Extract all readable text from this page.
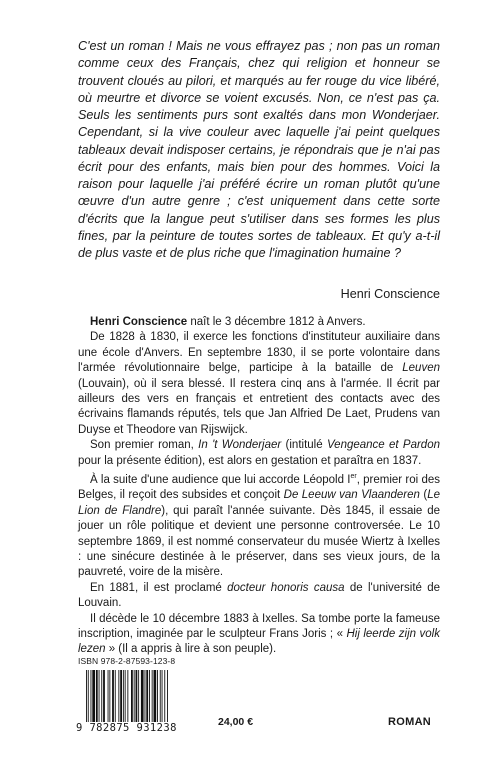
C'est un roman ! Mais ne vous effrayez pas ; non pas un roman comme ceux des Français, chez qui religion et honneur se trouvent cloués au pilori, et marqués au fer rouge du vice libéré, où meurtre et divorce se voient excusés. Non, ce n'est pas ça. Seuls les sentiments purs sont exaltés dans mon Wonderjaer. Cependant, si la vive couleur avec laquelle j'ai peint quelques tableaux devait indisposer certains, je répondrais que je n'ai pas écrit pour des enfants, mais bien pour des hommes. Voici la raison pour laquelle j'ai préféré écrire un roman plutôt qu'une œuvre d'un autre genre ; c'est uniquement dans cette sorte d'écrits que la langue peut s'utiliser dans ses formes les plus fines, par la peinture de toutes sortes de tableaux. Et qu'y a-t-il de plus vaste et de plus riche que l'imagination humaine ?

Henri Conscience

Henri Conscience naît le 3 décembre 1812 à Anvers.

De 1828 à 1830, il exerce les fonctions d'instituteur auxiliaire dans une école d'Anvers. En septembre 1830, il se porte volontaire dans l'armée révolutionnaire belge, participe à la bataille de Leuven (Louvain), où il sera blessé. Il restera cinq ans à l'armée. Il écrit par ailleurs des vers en français et entretient des contacts avec des écrivains flamands réputés, tels que Jan Alfried De Laet, Prudens van Duyse et Theodore van Rijswijck.

Son premier roman, In 't Wonderjaer (intitulé Vengeance et Pardon pour la présente édition), est alors en gestation et paraîtra en 1837.

À la suite d'une audience que lui accorde Léopold Ier, premier roi des Belges, il reçoit des subsides et conçoit De Leeuw van Vlaanderen (Le Lion de Flandre), qui paraît l'année suivante. Dès 1845, il essaie de jouer un rôle politique et devient une personne controversée. Le 10 septembre 1869, il est nommé conservateur du musée Wiertz à Ixelles : une sinécure destinée à le préserver, dans ses vieux jours, de la pauvreté, voire de la misère.

En 1881, il est proclamé docteur honoris causa de l'université de Louvain.

Il décède le 10 décembre 1883 à Ixelles. Sa tombe porte la fameuse inscription, imaginée par le sculpteur Frans Joris ; « Hij leerde zijn volk lezen » (Il a appris à lire à son peuple).

ISBN 978-2-87593-123-8
9 782875 931238	24,00 €	ROMAN
